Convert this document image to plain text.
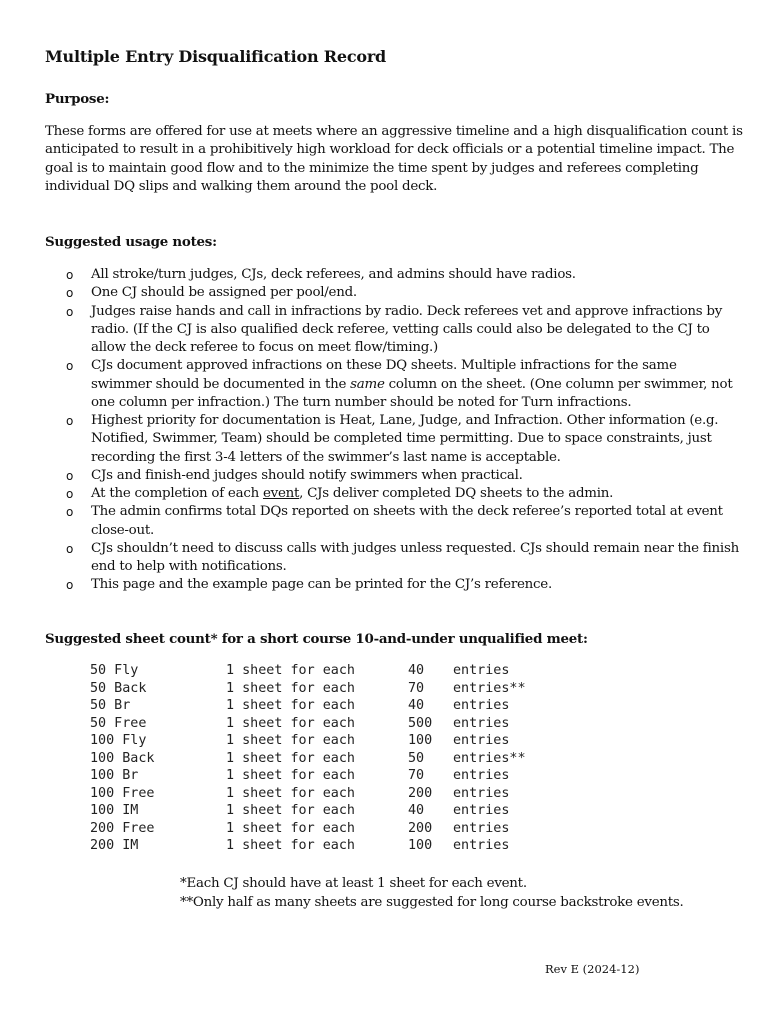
Multiple Entry Disqualification Record
Purpose:
These forms are offered for use at meets where an aggressive timeline and a high disqualification count is
anticipated to result in a prohibitively high workload for deck officials or a potential timeline impact. The
goal is to maintain good flow and to the minimize the time spent by judges and referees completing
individual DQ slips and walking them around the pool deck.
Suggested usage notes:
o All stroke/turn judges, CJs, deck referees, and admins should have radios.
o One CJ should be assigned per pool/end.
o Judges raise hands and call in infractions by radio. Deck referees vet and approve infractions by
radio. (If the CJ is also qualified deck referee, vetting calls could also be delegated to the CJ to
allow the deck referee to focus on meet flow/timing.)
o CJs document approved infractions on these DQ sheets. Multiple infractions for the same
swimmer should be documented in the same column on the sheet. (One column per swimmer, not
one column per infraction.) The turn number should be noted for Turn infractions.
o Highest priority for documentation is Heat, Lane, Judge, and Infraction. Other information (e.g.
Notified, Swimmer, Team) should be completed time permitting. Due to space constraints, just
recording the first 3-4 letters of the swimmer’s last name is acceptable.
o CJs and finish-end judges should notify swimmers when practical.
o At the completion of each event, CJs deliver completed DQ sheets to the admin.
o The admin confirms total DQs reported on sheets with the deck referee’s reported total at event
close-out.
o CJs shouldn’t need to discuss calls with judges unless requested. CJs should remain near the finish
end to help with notifications.
o This page and the example page can be printed for the CJ’s reference.
Suggested sheet count* for a short course 10-and-under unqualified meet:
50 Fly	1 sheet for each	40	entries
50 Back	1 sheet for each	70	entries**
50 Br	1 sheet for each	40	entries
50 Free	1 sheet for each	500	entries
100 Fly	1 sheet for each	100	entries
100 Back	1 sheet for each	50	entries**
100 Br	1 sheet for each	70	entries
100 Free	1 sheet for each	200	entries
100 IM	1 sheet for each	40	entries
200 Free	1 sheet for each	200	entries
200 IM	1 sheet for each	100	entries
*Each CJ should have at least 1 sheet for each event.
**Only half as many sheets are suggested for long course backstroke events.
Rev E (2024-12)
